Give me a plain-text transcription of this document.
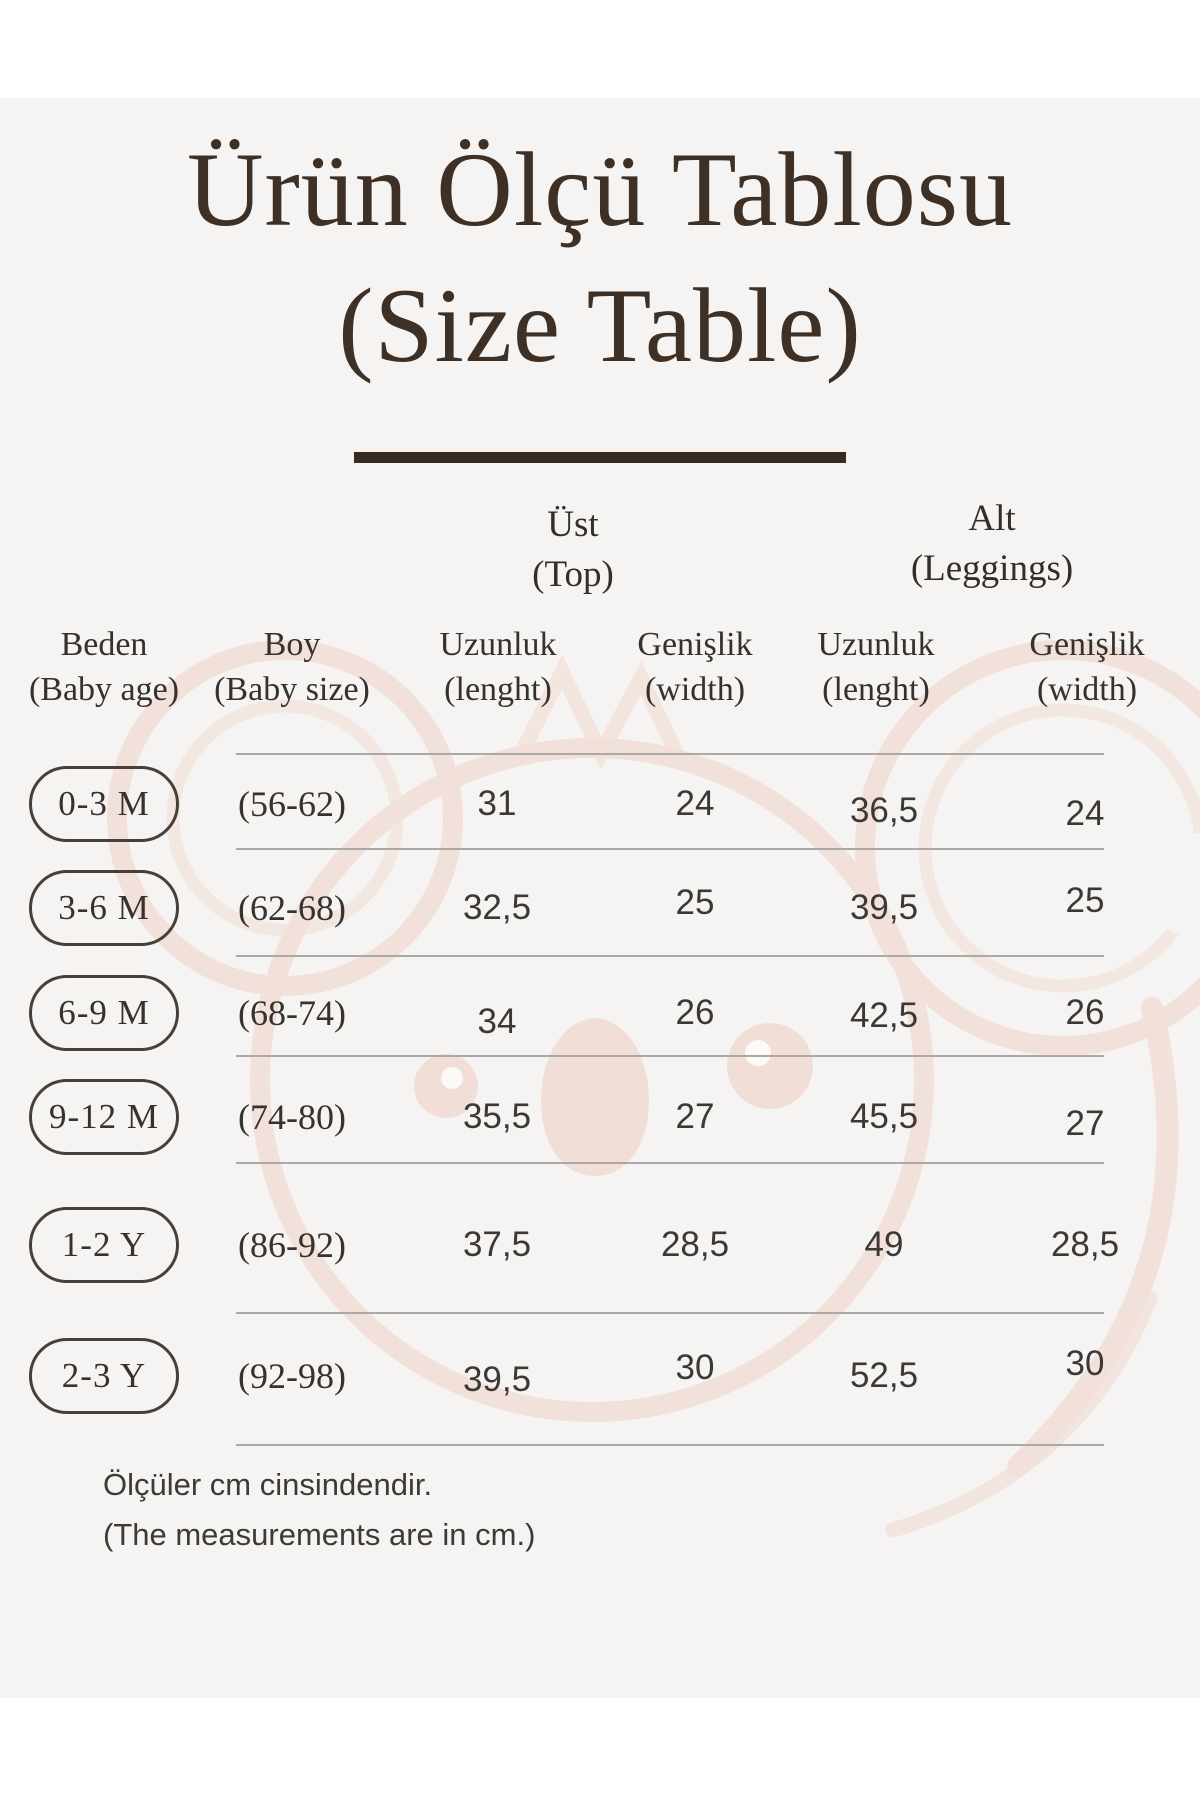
Ürün Ölçü Tablosu
(Size Table)
Üst
(Top)
Alt
(Leggings)
Beden
(Baby age)
Boy
(Baby size)
Uzunluk
(lenght)
Genişlik
(width)
Uzunluk
(lenght)
Genişlik
(width)
0-3 M	(56-62)	31	24	36,5	24
3-6 M	(62-68)	32,5	25	39,5	25
6-9 M	(68-74)	34	26	42,5	26
9-12 M	(74-80)	35,5	27	45,5	27
1-2 Y	(86-92)	37,5	28,5	49	28,5
2-3 Y	(92-98)	39,5	30	52,5	30
Ölçüler cm cinsindendir.
(The measurements are in cm.)
